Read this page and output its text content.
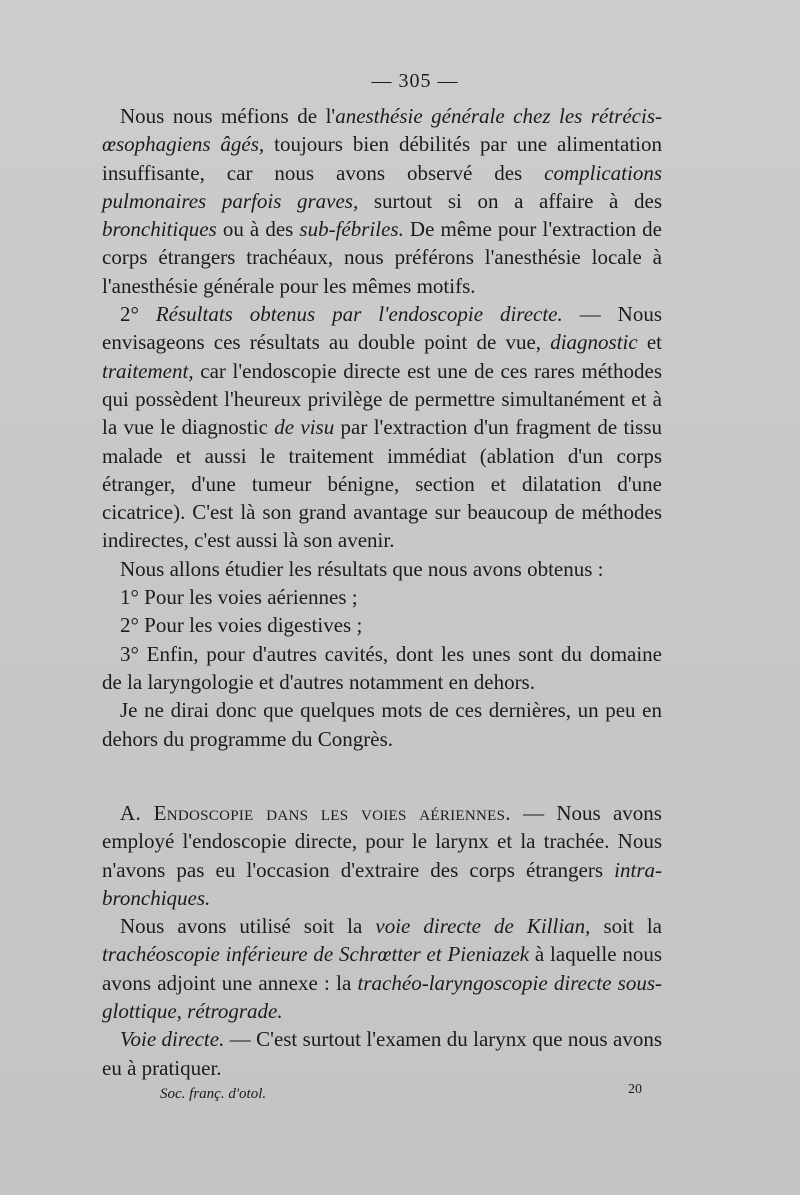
— 305 —

Nous nous méfions de l'anesthésie générale chez les rétrécis-œsophagiens âgés, toujours bien débilités par une alimentation insuffisante, car nous avons observé des complications pulmonaires parfois graves, surtout si on a affaire à des bronchitiques ou à des sub-fébriles. De même pour l'extraction de corps étrangers trachéaux, nous préférons l'anesthésie locale à l'anesthésie générale pour les mêmes motifs.

2° Résultats obtenus par l'endoscopie directe. — Nous envisageons ces résultats au double point de vue, diagnostic et traitement, car l'endoscopie directe est une de ces rares méthodes qui possèdent l'heureux privilège de permettre simultanément et à la vue le diagnostic de visu par l'extraction d'un fragment de tissu malade et aussi le traitement immédiat (ablation d'un corps étranger, d'une tumeur bénigne, section et dilatation d'une cicatrice). C'est là son grand avantage sur beaucoup de méthodes indirectes, c'est aussi là son avenir.

Nous allons étudier les résultats que nous avons obtenus :

1° Pour les voies aériennes ;

2° Pour les voies digestives ;

3° Enfin, pour d'autres cavités, dont les unes sont du domaine de la laryngologie et d'autres notamment en dehors.

Je ne dirai donc que quelques mots de ces dernières, un peu en dehors du programme du Congrès.

A. Endoscopie dans les voies aériennes. — Nous avons employé l'endoscopie directe, pour le larynx et la trachée. Nous n'avons pas eu l'occasion d'extraire des corps étrangers intra-bronchiques.

Nous avons utilisé soit la voie directe de Killian, soit la trachéoscopie inférieure de Schrœtter et Pieniazek à laquelle nous avons adjoint une annexe : la trachéo-laryngoscopie directe sous-glottique, rétrograde.

Voie directe. — C'est surtout l'examen du larynx que nous avons eu à pratiquer.

Soc. franç. d'otol.	20
